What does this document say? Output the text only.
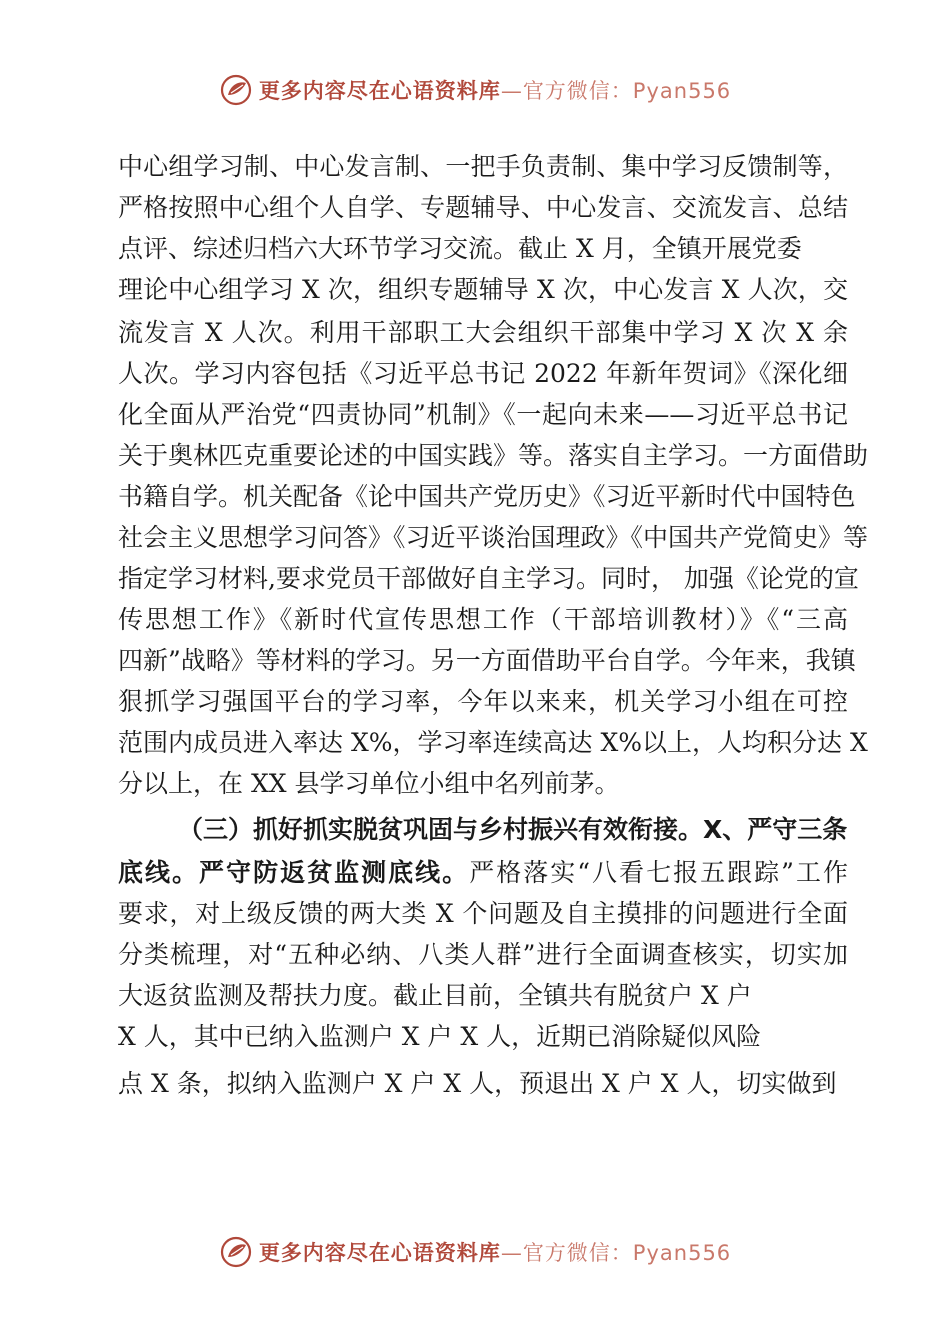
更多内容尽在心语资料库—官方微信：Pyan556
中心组学习制、中心发言制、一把手负责制、集中学习反馈制等，
严格按照中心组个人自学、专题辅导、中心发言、交流发言、总结
点评、综述归档六大环节学习交流。截止 X 月，全镇开展党委
理论中心组学习 X 次，组织专题辅导 X 次，中心发言 X 人次，交
流发言 X 人次。利用干部职工大会组织干部集中学习 X 次 X 余
人次。学习内容包括《习近平总书记 2022 年新年贺词》《深化细
化全面从严治党“四责协同”机制》《一起向未来——习近平总书记
关于奥林匹克重要论述的中国实践》等。落实自主学习。一方面借助
书籍自学。机关配备《论中国共产党历史》《习近平新时代中国特色
社会主义思想学习问答》《习近平谈治国理政》《中国共产党简史》等
指定学习材料,要求党员干部做好自主学习。同时， 加强《论党的宣
传思想工作》《新时代宣传思想工作（干部培训教材）》《“三高
四新”战略》等材料的学习。另一方面借助平台自学。今年来，我镇
狠抓学习强国平台的学习率，今年以来来，机关学习小组在可控
范围内成员进入率达 X%，学习率连续高达 X%以上，人均积分达 X
分以上，在 XX 县学习单位小组中名列前茅。
（三）抓好抓实脱贫巩固与乡村振兴有效衔接。X、严守三条
底线。严守防返贫监测底线。严格落实“八看七报五跟踪”工作
要求，对上级反馈的两大类 X 个问题及自主摸排的问题进行全面
分类梳理，对“五种必纳、八类人群”进行全面调查核实，切实加
大返贫监测及帮扶力度。截止目前，全镇共有脱贫户 X 户
X 人，其中已纳入监测户 X 户 X 人，近期已消除疑似风险
点 X 条，拟纳入监测户 X 户 X 人，预退出 X 户 X 人，切实做到
更多内容尽在心语资料库—官方微信：Pyan556
